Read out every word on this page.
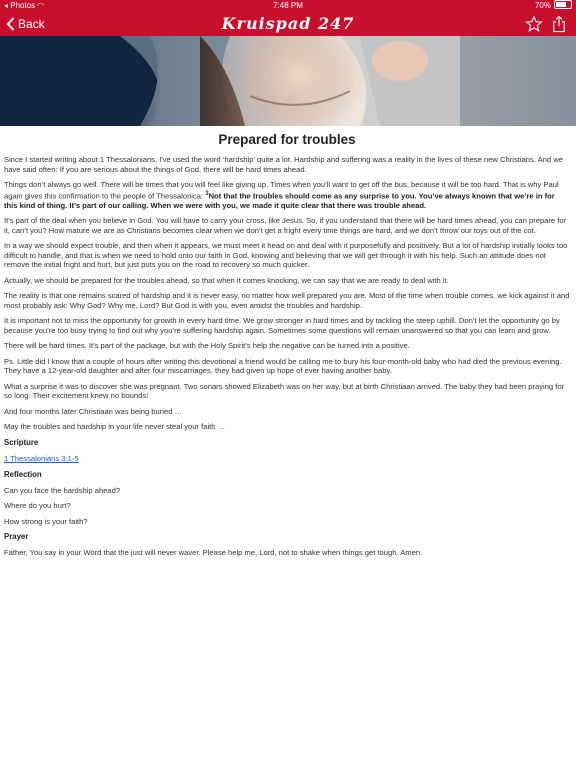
◂ Photos ◠	7:48 PM	70%
Back	Kruispad 247
Prepared for troubles

Since I started writing about 1 Thessalonians, I've used the word ‘hardship’ quite a lot. Hardship and suffering was a reality in the lives of these new Christians. And we have said often: If you are serious about the things of God, there will be hard times ahead.

Things don’t always go well. There will be times that you will feel like giving up. Times when you’ll want to get off the bus, because it will be too hard. That is why Paul again gives this confirmation to the people of Thessalonica: $^3$Not that the troubles should come as any surprise to you. You’ve always known that we’re in for this kind of thing. It’s part of our calling. When we were with you, we made it quite clear that there was trouble ahead.

It’s part of the deal when you believe in God. You will have to carry your cross, like Jesus. So, if you understand that there will be hard times ahead, you can prepare for it, can’t you? How mature we are as Christians becomes clear when we don’t get a fright every time things are hard, and we don’t throw our toys out of the cot.

In a way we should expect trouble, and then when it appears, we must meet it head on and deal with it purposefully and positively. But a lot of hardship initially looks too difficult to handle, and that is when we need to hold onto our faith in God, knowing and believing that we will get through it with his help. Such an attitude does not remove the initial fright and hurt, but just puts you on the road to recovery so much quicker.

Actually, we should be prepared for the troubles ahead, so that when it comes knocking, we can say that we are ready to deal with it.

The reality is that one remains scared of hardship and it is never easy, no matter how well prepared you are. Most of the time when trouble comes, we kick against it and most probably ask: Why God? Why me, Lord? But God is with you, even amidst the troubles and hardship.

It is important not to miss the opportunity for growth in every hard time. We grow stronger in hard times and by tackling the steep uphill. Don’t let the opportunity go by because you’re too busy trying to find out why you’re suffering hardship again. Sometimes some questions will remain unanswered so that you can learn and grow.

There will be hard times. It’s part of the package, but with the Holy Spirit’s help the negative can be turned into a positive.

Ps. Little did I know that a couple of hours after writing this devotional a friend would be calling me to bury his four-month-old baby who had died the previous evening. They have a 12-year-old daughter and after four miscarriages, they had given up hope of ever having another baby.

What a surprise it was to discover she was pregnant. Two sonars showed Elizabeth was on her way, but at birth Christiaan arrived. The baby they had been praying for so long. Their excitement knew no bounds!

And four months later Christiaan was being buried …

May the troubles and hardship in your life never steal your faith …

Scripture
1 Thessalonians 3:1-5
Reflection

Can you face the hardship ahead?

Where do you hurt?

How strong is your faith?

Prayer

Father, You say in your Word that the just will never waver. Please help me, Lord, not to shake when things get tough. Amen.
